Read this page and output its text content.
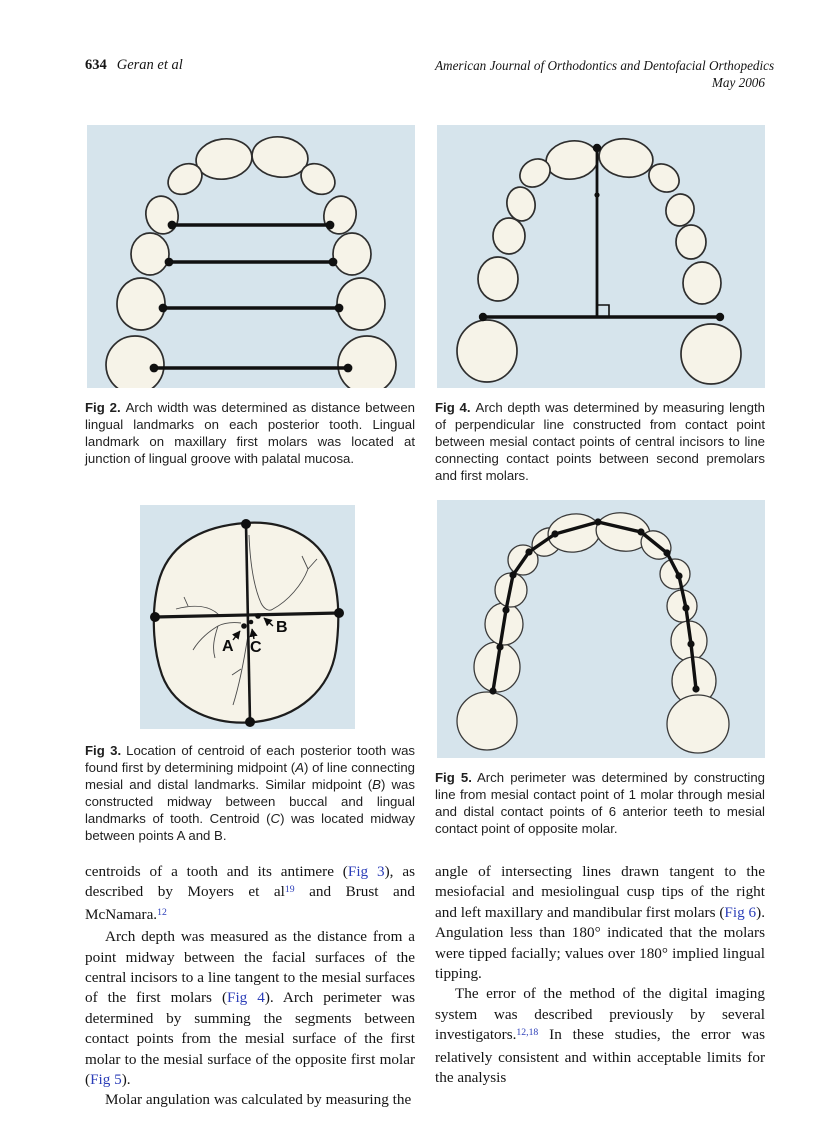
634 Geran et al	American Journal of Orthodontics and Dentofacial Orthopedics
May 2006
Fig 2. Arch width was determined as distance between lingual landmarks on each posterior tooth. Lingual landmark on maxillary first molars was located at junction of lingual groove with palatal mucosa.
Fig 4. Arch depth was determined by measuring length of perpendicular line constructed from contact point between mesial contact points of central incisors to line connecting contact points between second premolars and first molars.
A
B
C
Fig 3. Location of centroid of each posterior tooth was found first by determining midpoint (A) of line connecting mesial and distal landmarks. Similar midpoint (B) was constructed midway between buccal and lingual landmarks of tooth. Centroid (C) was located midway between points A and B.
Fig 5. Arch perimeter was determined by constructing line from mesial contact point of 1 molar through mesial and distal contact points of 6 anterior teeth to mesial contact point of opposite molar.

centroids of a tooth and its antimere (Fig 3), as described by Moyers et $al^{19}$ and Brust and McNamara.$^{12}$

Arch depth was measured as the distance from a point midway between the facial surfaces of the central incisors to a line tangent to the mesial surfaces of the first molars (Fig 4). Arch perimeter was determined by summing the segments between contact points from the mesial surface of the first molar to the mesial surface of the opposite first molar (Fig 5).

Molar angulation was calculated by measuring the

angle of intersecting lines drawn tangent to the mesiofacial and mesiolingual cusp tips of the right and left maxillary and mandibular first molars (Fig 6). Angulation less than 180° indicated that the molars were tipped facially; values over 180° implied lingual tipping.

The error of the method of the digital imaging system was described previously by several investigators.$^{12,18}$ In these studies, the error was relatively consistent and within acceptable limits for the analysis
